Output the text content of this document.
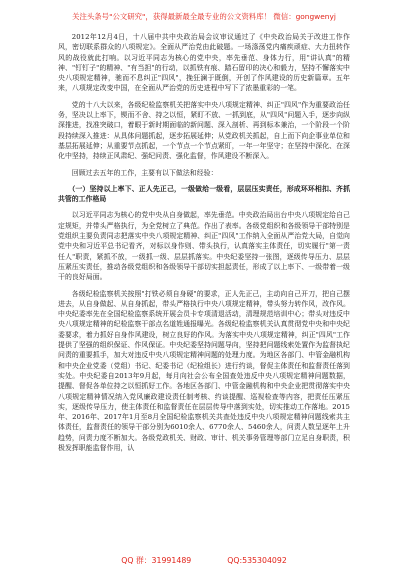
关注头条号"公文研究"，获得最新最全最专业的公文资料库！ 微信：gongwenyj

2012年12月4日，十八届中共中央政治局会议审议通过了《中央政治局关于改进工作作风，密切联系群众的八项规定》。全面从严治党由此破题。一场涤荡党内痛疾顽症、大力扭转作风的战役就此打响。以习近平同志为核心的党中央，率先垂范、身体力行，用"讲认真"的精神、"钉钉子"的精神、"有当担"的行动，以抓铁有痕、踏石留印的决心和毅力，坚持不懈落实中央八项规定精神，驰而不息纠正"四风"，挽狂澜于既倒，开创了作风建设的历史新篇章。五年来，八项规定改变中国，在全面从严治党的历史进程中写下了浓墨重彩的一笔。

党的十八大以来，各级纪检监察机关把落实中央八项规定精神、纠正"四风"作为重要政治任务，坚决以上率下，锲而不舍、持之以恒，紧盯不放、一抓到底，从"四风"问题入手，逐步向纵深推进，找准突破口，着眼于新时期面临的新问题、深入剖析、再到标本兼治，一个阶段一个阶段持续深入推进：从具体问题抓起，逐步拓展延伸；从党政机关抓起，自上而下向企事业单位和基层拓展延伸；从重要节点抓起，一个节点一个节点紧盯，一年一年坚守；在坚持中深化、在深化中坚持，持续正风肃纪、强纪问责、强化监督，作风建设不断深入。

回顾过去五年的工作，主要有以下做法和经验：

（一）坚持以上率下、正人先正己，一级做给一级看，层层压实责任，形成环环相扣、齐抓共管的工作格局

以习近平同志为核心的党中央从自身做起，率先垂范。中央政治局出台中央八项规定给自己定规矩，并带头严格执行，为全党树立了典范。作出了表率。各级党组织和各级领导干部特别是党组织主要负责同志把落实中央八项规定精神、纠正"四风"工作纳入全面从严治党大局，自觉向党中央和习近平总书记看齐，对标以身作则、带头执行，认真落实主体责任，切实履行"第一责任人"职责，紧抓不放，一级抓一级、层层抓落实。中央纪委坚持一张图，逐级传导压力、层层压紧压实责任，推动各级党组织和各级领导干部切实担起责任，形成了以上率下、一级带着一级干的良好局面。

各级纪检监察机关按照"打铁必须自身硬"的要求，正人先正己，主动向自己开刀，把自己摆进去，从自身做起、从自身抓起，带头严格执行中央八项规定精神，带头努力转作风，改作风。中央纪委率先在全国纪检监察系统开展会员卡专项清退活动，清理规范培训中心；带头对违反中央八项规定精神的纪检监察干部点名道姓通报曝光。各级纪检监察机关认真贯彻党中央和中央纪委要求，着力抓好自身作风建设，树立良好的作风。为落实中央八项规定精神，纠正"四风"工作提供了坚强的组织保证、作风保证。中央纪委坚持问题导向，坚持把问题线索处置作为监督执纪问责的重要抓手，加大对违反中央八项规定精神问题的处理力度。为地区各部门、中管金融机构和中央企业党委（党组）书记、纪委书记（纪检组长）进行约谈，督促主体责任和监督责任落到实处。中央纪委自2013年9月起，每月向社会公布全国查处违反中央八项规定精神问题数据，提醒、督促各单位持之以恒抓好工作。各地区各部门、中管金融机构和中央企业把贯彻落实中央八项规定精神情况纳入党风廉政建设责任制考核、约谈提醒、巡视检查等内容，把责任压紧压实，逐级传导压力，使主体责任和监督责任在层层传导中落到实处，切实推动工作落地。2015年、2016年、2017年1月至8月全国纪检监察机关共查处违反中央八项规定精神问题线索共主体责任，监督责任的领导干部分别为6010余人、6770余人、5460余人，问责人数呈逐年上升趋势，问责力度不断加大。各级党政机关、财政、审计、机关事务管理等部门立足自身职责，积极发挥职能监督作用，认

QQ 群：31991489	QQ:535304092
